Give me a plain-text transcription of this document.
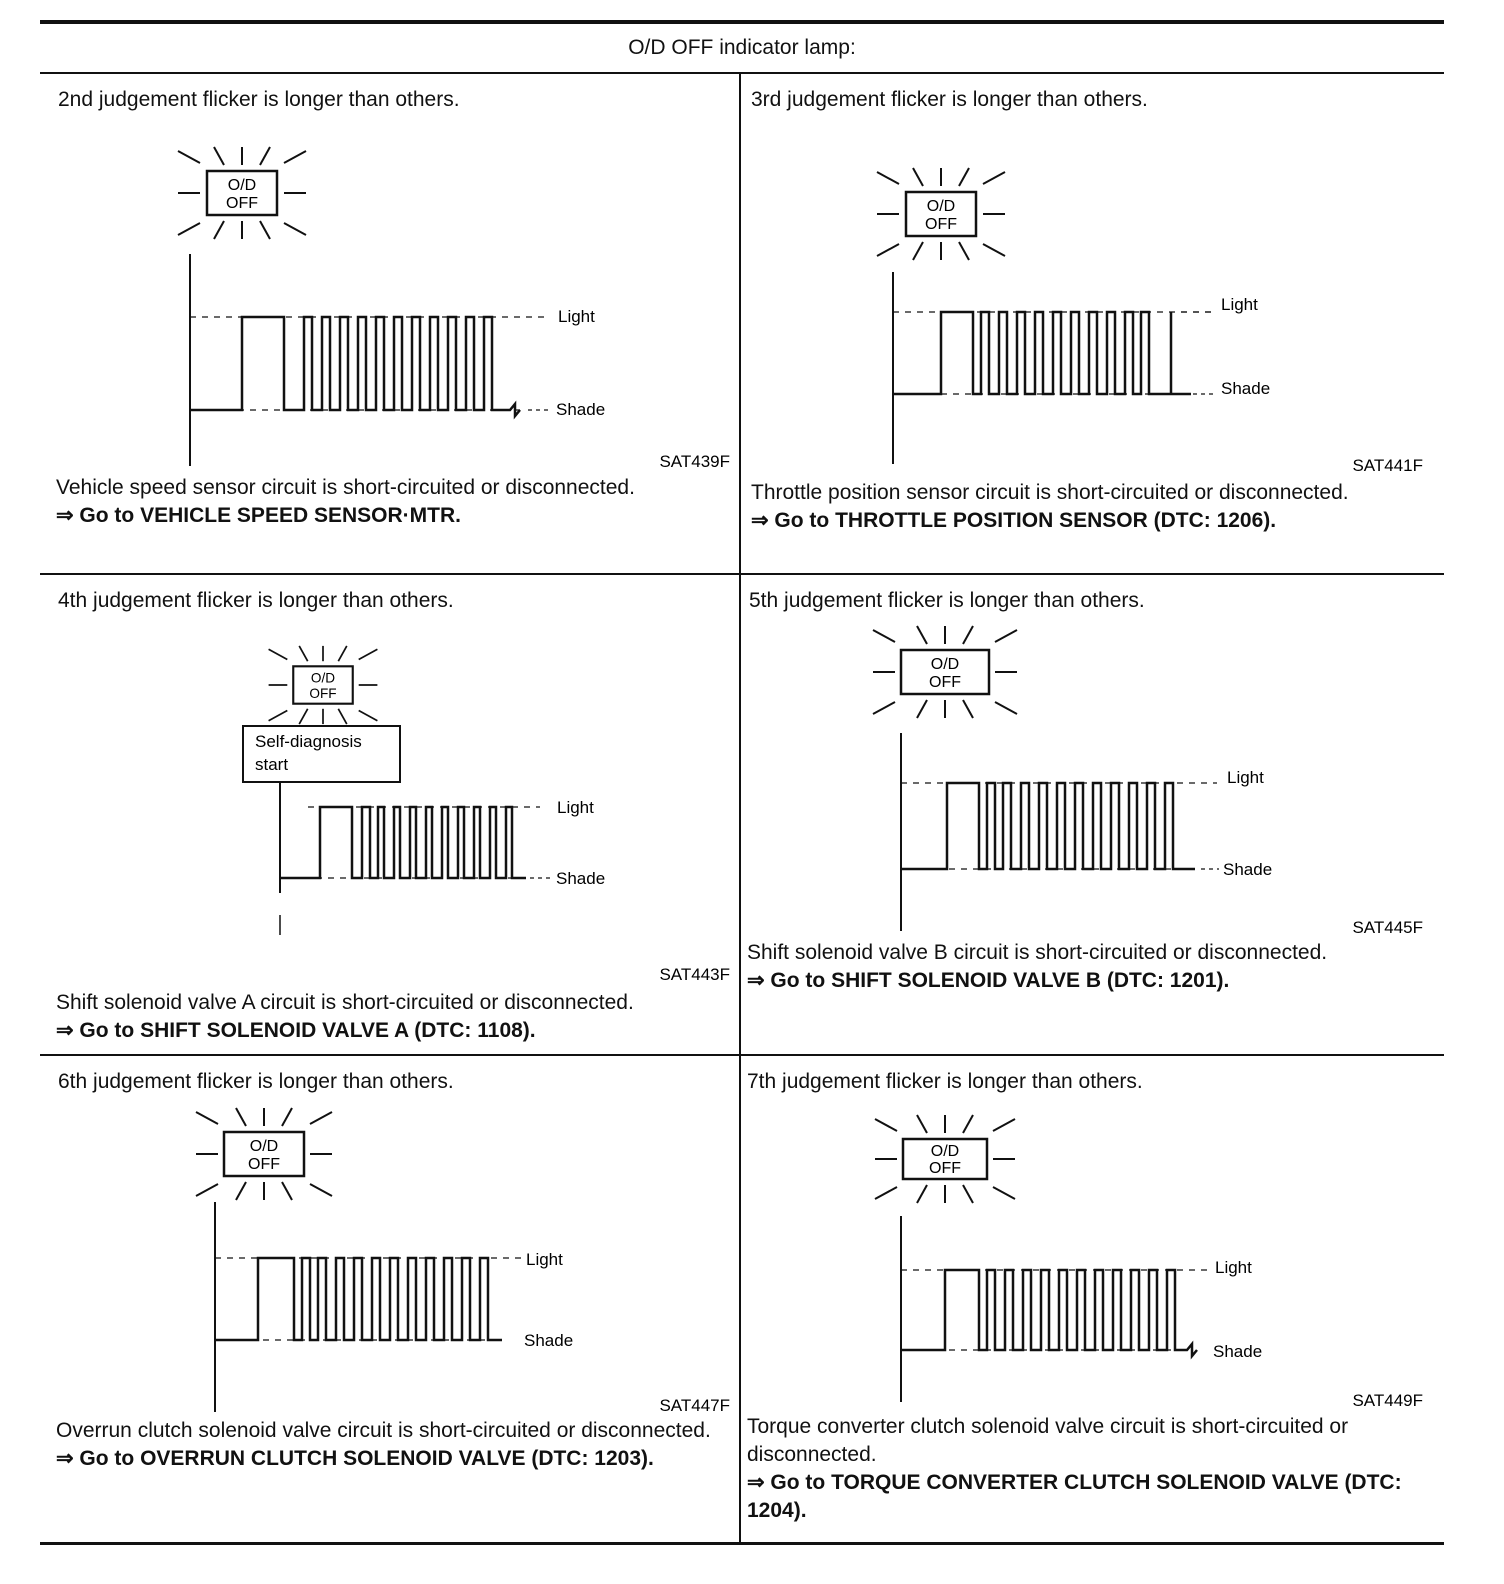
O/D OFF indicator lamp:
2nd judgement flicker is longer than others.
O/D
OFF
Light
Shade
SAT439F
Vehicle speed sensor circuit is short-circuited or disconnected.
⇒ Go to VEHICLE SPEED SENSOR·MTR.
3rd judgement flicker is longer than others.
O/D
OFF
Light
Shade
SAT441F
Throttle position sensor circuit is short-circuited or disconnected.
⇒ Go to THROTTLE POSITION SENSOR (DTC: 1206).
4th judgement flicker is longer than others.
O/D
OFF
Self-diagnosis
start
Light
Shade
SAT443F
Shift solenoid valve A circuit is short-circuited or disconnected.
⇒ Go to SHIFT SOLENOID VALVE A (DTC: 1108).
5th judgement flicker is longer than others.
O/D
OFF
Light
Shade
SAT445F
Shift solenoid valve B circuit is short-circuited or disconnected.
⇒ Go to SHIFT SOLENOID VALVE B (DTC: 1201).
6th judgement flicker is longer than others.
O/D
OFF
Light
Shade
SAT447F
Overrun clutch solenoid valve circuit is short-circuited or disconnected.
⇒ Go to OVERRUN CLUTCH SOLENOID VALVE (DTC: 1203).
7th judgement flicker is longer than others.
O/D
OFF
Light
Shade
SAT449F
Torque converter clutch solenoid valve circuit is short-circuited or disconnected.
⇒ Go to TORQUE CONVERTER CLUTCH SOLENOID VALVE (DTC: 1204).
